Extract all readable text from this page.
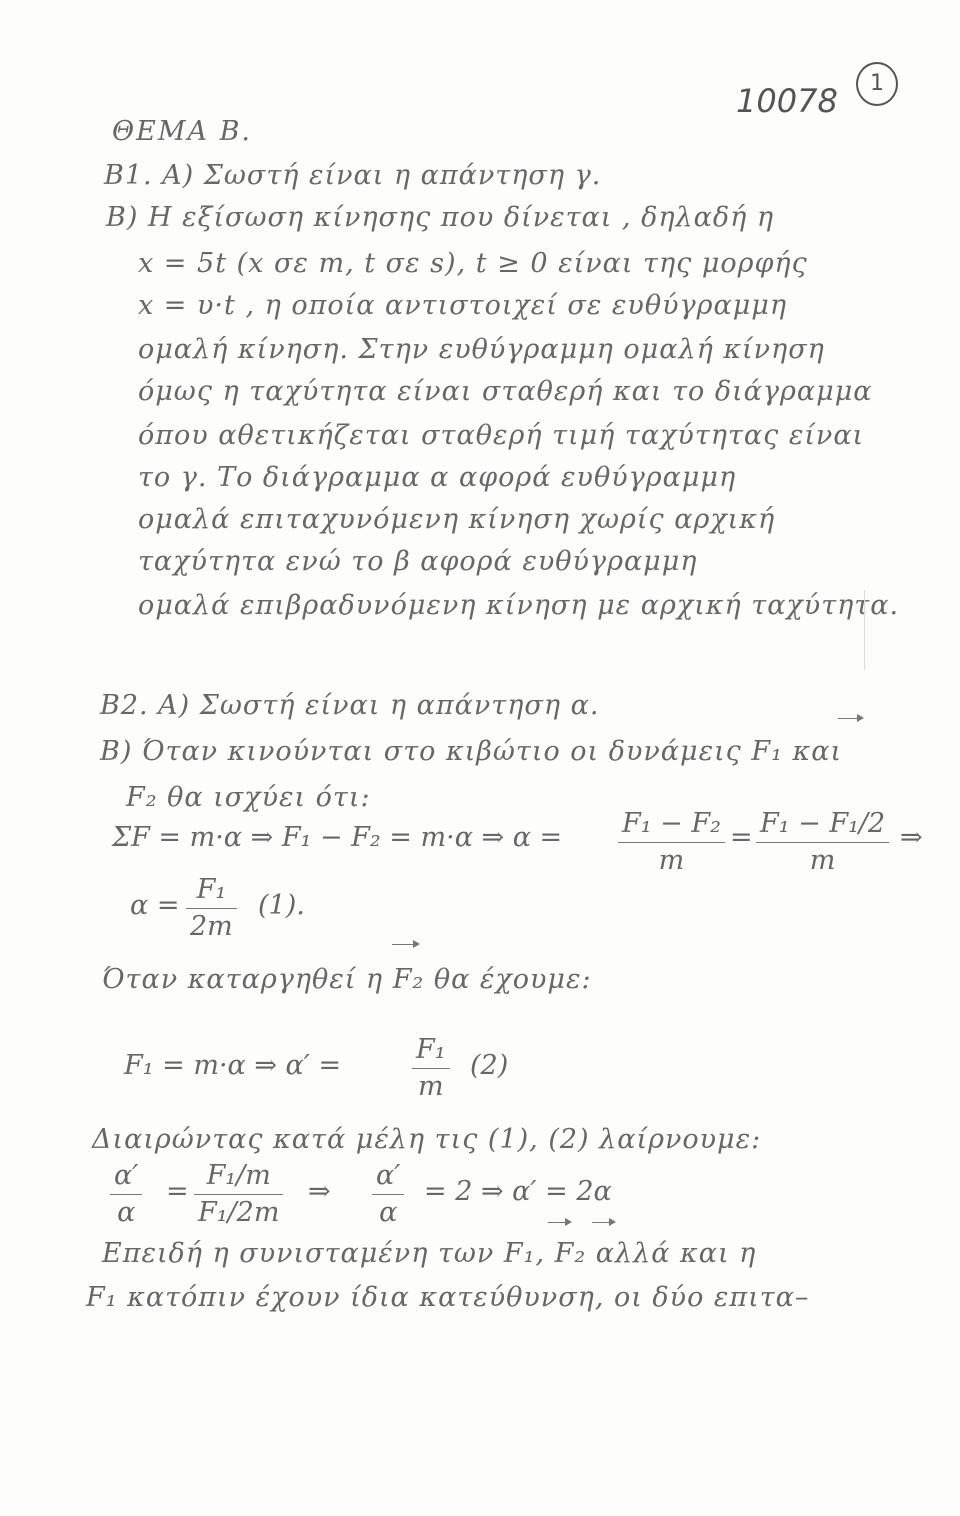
10078	1
ΘΕΜΑ Β.
Β1. Α) Σωστή είναι η απάντηση γ.
Β) Η εξίσωση κίνησης που δίνεται , δηλαδή η
x = 5t (x σε m, t σε s), t ≥ 0 είναι της μορφής
x = υ·t , η οποία αντιστοιχεί σε ευθύγραμμη
ομαλή κίνηση. Στην ευθύγραμμη ομαλή κίνηση
όμως η ταχύτητα είναι σταθερή και το διάγραμμα
όπου αθετικήζεται σταθερή τιμή ταχύτητας είναι
το γ. Το διάγραμμα α αφορά ευθύγραμμη
ομαλά επιταχυνόμενη κίνηση χωρίς αρχική
ταχύτητα ενώ το β αφορά ευθύγραμμη
ομαλά επιβραδυνόμενη κίνηση με αρχική ταχύτητα.
Β2. Α) Σωστή είναι η απάντηση α.
Β) Όταν κινούνται στο κιβώτιο οι δυνάμεις F₁ και
F₂ θα ισχύει ότι:
ΣF = m·α ⇒ F₁ − F₂ = m·α ⇒ α = F₁ − F₂
m
= F₁ − F₁/2
m
⇒
α =
F₁
2m
(1).
Όταν καταργηθεί η F₂ θα έχουμε:
F₁ = m·α ⇒ α′ =
F₁
m
(2)
Διαιρώντας κατά μέλη τις (1), (2) λαίρνουμε:
α′
α
=
F₁/m
F₁/2m
⇒
α′
α
= 2 ⇒ α′ = 2α
Επειδή η συνισταμένη των F₁, F₂ αλλά και η
F₁ κατόπιν έχουν ίδια κατεύθυνση, οι δύο επιτα–
